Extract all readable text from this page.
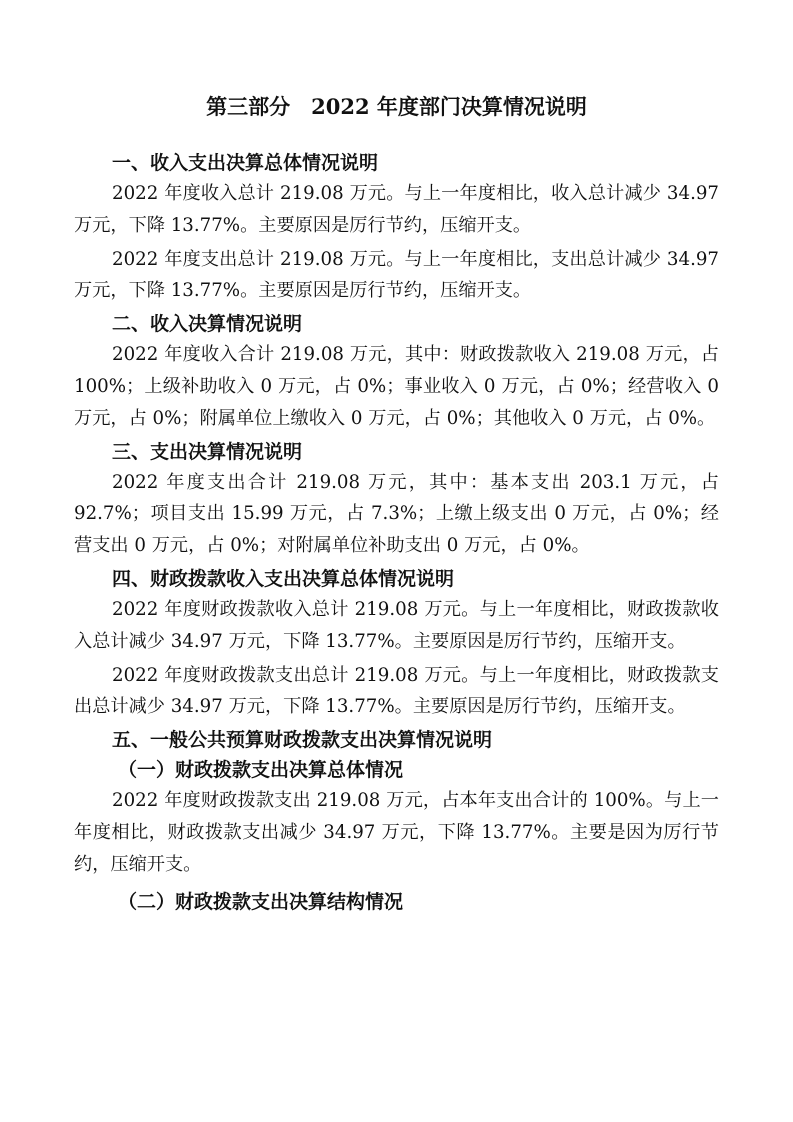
第三部分　2022 年度部门决算情况说明
一、收入支出决算总体情况说明

2022 年度收入总计 219.08 万元。与上一年度相比，收入总计减少 34.97 万元，下降 13.77%。主要原因是厉行节约，压缩开支。

2022 年度支出总计 219.08 万元。与上一年度相比，支出总计减少 34.97 万元，下降 13.77%。主要原因是厉行节约，压缩开支。

二、收入决算情况说明

2022 年度收入合计 219.08 万元，其中：财政拨款收入 219.08 万元，占 100%；上级补助收入 0 万元，占 0%；事业收入 0 万元，占 0%；经营收入 0 万元，占 0%；附属单位上缴收入 0 万元，占 0%；其他收入 0 万元，占 0%。

三、支出决算情况说明

2022 年度支出合计 219.08 万元，其中：基本支出 203.1 万元，占 92.7%；项目支出 15.99 万元，占 7.3%；上缴上级支出 0 万元，占 0%；经营支出 0 万元，占 0%；对附属单位补助支出 0 万元，占 0%。

四、财政拨款收入支出决算总体情况说明

2022 年度财政拨款收入总计 219.08 万元。与上一年度相比，财政拨款收入总计减少 34.97 万元，下降 13.77%。主要原因是厉行节约，压缩开支。

2022 年度财政拨款支出总计 219.08 万元。与上一年度相比，财政拨款支出总计减少 34.97 万元，下降 13.77%。主要原因是厉行节约，压缩开支。

五、一般公共预算财政拨款支出决算情况说明
（一）财政拨款支出决算总体情况

2022 年度财政拨款支出 219.08 万元，占本年支出合计的 100%。与上一年度相比，财政拨款支出减少 34.97 万元，下降 13.77%。主要是因为厉行节约，压缩开支。

（二）财政拨款支出决算结构情况
